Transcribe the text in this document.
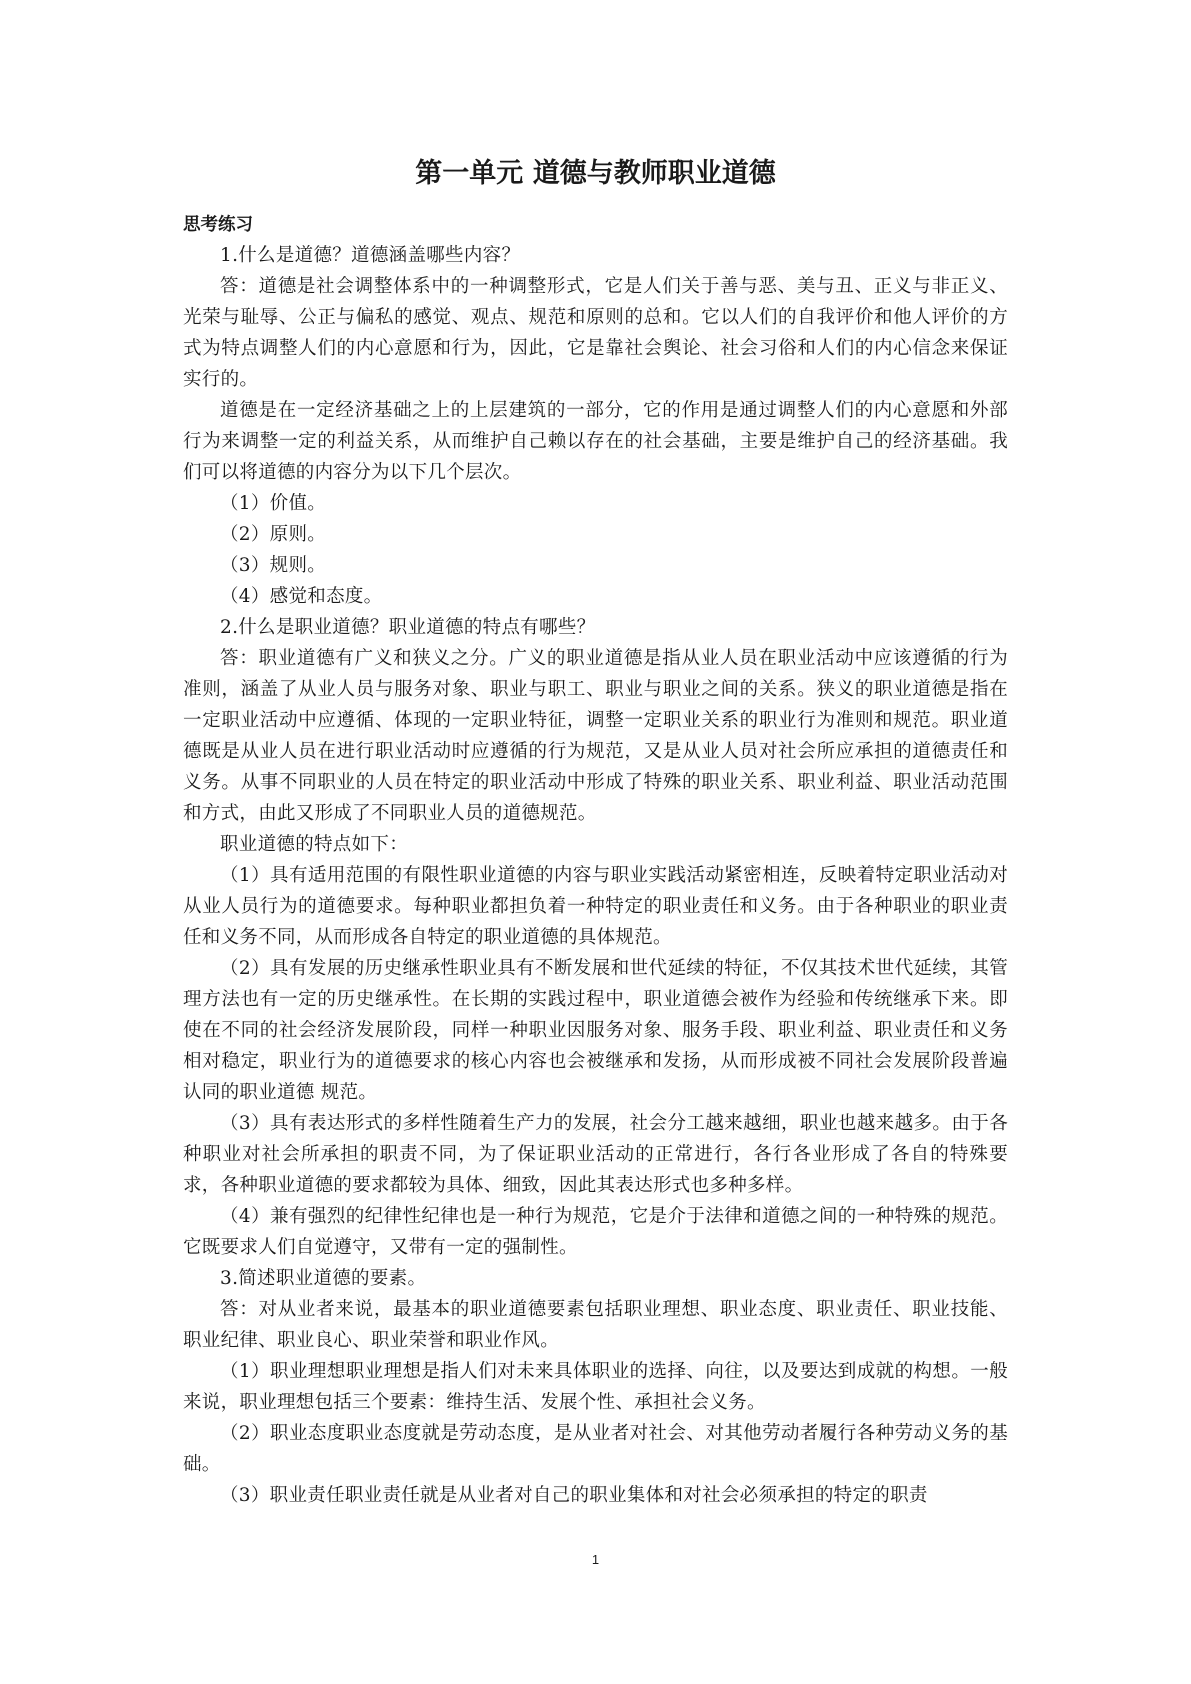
第一单元 道德与教师职业道德
思考练习

1.什么是道德？道德涵盖哪些内容？

答：道德是社会调整体系中的一种调整形式，它是人们关于善与恶、美与丑、正义与非正义、光荣与耻辱、公正与偏私的感觉、观点、规范和原则的总和。它以人们的自我评价和他人评价的方式为特点调整人们的内心意愿和行为，因此，它是靠社会舆论、社会习俗和人们的内心信念来保证实行的。

道德是在一定经济基础之上的上层建筑的一部分，它的作用是通过调整人们的内心意愿和外部行为来调整一定的利益关系，从而维护自己赖以存在的社会基础，主要是维护自己的经济基础。我们可以将道德的内容分为以下几个层次。

（1）价值。

（2）原则。

（3）规则。

（4）感觉和态度。

2.什么是职业道德？职业道德的特点有哪些？

答：职业道德有广义和狭义之分。广义的职业道德是指从业人员在职业活动中应该遵循的行为准则，涵盖了从业人员与服务对象、职业与职工、职业与职业之间的关系。狭义的职业道德是指在一定职业活动中应遵循、体现的一定职业特征，调整一定职业关系的职业行为准则和规范。职业道德既是从业人员在进行职业活动时应遵循的行为规范，又是从业人员对社会所应承担的道德责任和义务。从事不同职业的人员在特定的职业活动中形成了特殊的职业关系、职业利益、职业活动范围和方式，由此又形成了不同职业人员的道德规范。

职业道德的特点如下：

（1）具有适用范围的有限性职业道德的内容与职业实践活动紧密相连，反映着特定职业活动对从业人员行为的道德要求。每种职业都担负着一种特定的职业责任和义务。由于各种职业的职业责任和义务不同，从而形成各自特定的职业道德的具体规范。

（2）具有发展的历史继承性职业具有不断发展和世代延续的特征，不仅其技术世代延续，其管理方法也有一定的历史继承性。在长期的实践过程中，职业道德会被作为经验和传统继承下来。即使在不同的社会经济发展阶段，同样一种职业因服务对象、服务手段、职业利益、职业责任和义务相对稳定，职业行为的道德要求的核心内容也会被继承和发扬，从而形成被不同社会发展阶段普遍认同的职业道德 规范。

（3）具有表达形式的多样性随着生产力的发展，社会分工越来越细，职业也越来越多。由于各种职业对社会所承担的职责不同，为了保证职业活动的正常进行，各行各业形成了各自的特殊要求，各种职业道德的要求都较为具体、细致，因此其表达形式也多种多样。

（4）兼有强烈的纪律性纪律也是一种行为规范，它是介于法律和道德之间的一种特殊的规范。它既要求人们自觉遵守，又带有一定的强制性。

3.简述职业道德的要素。

答：对从业者来说，最基本的职业道德要素包括职业理想、职业态度、职业责任、职业技能、职业纪律、职业良心、职业荣誉和职业作风。

（1）职业理想职业理想是指人们对未来具体职业的选择、向往，以及要达到成就的构想。一般来说，职业理想包括三个要素：维持生活、发展个性、承担社会义务。

（2）职业态度职业态度就是劳动态度，是从业者对社会、对其他劳动者履行各种劳动义务的基础。

（3）职业责任职业责任就是从业者对自己的职业集体和对社会必须承担的特定的职责

1
